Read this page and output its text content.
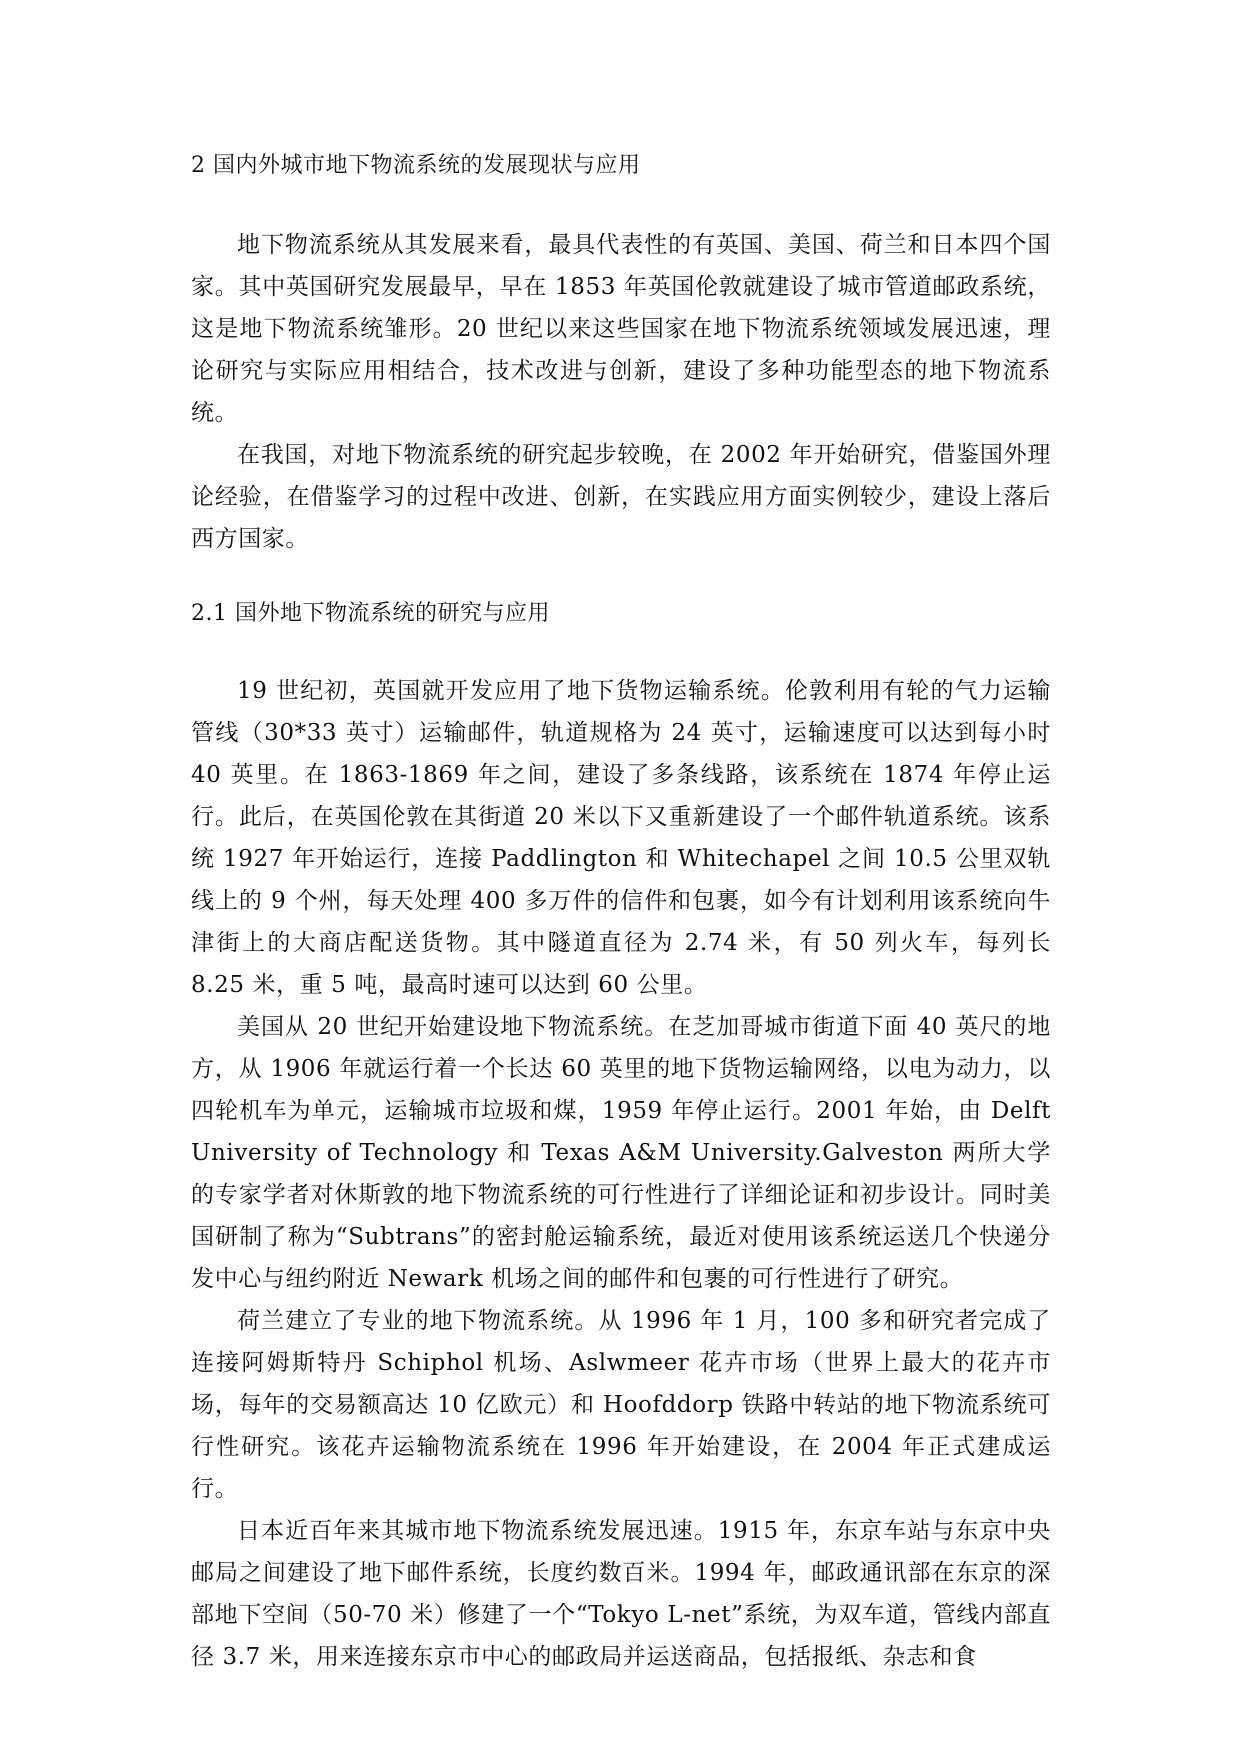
2 国内外城市地下物流系统的发展现状与应用

地下物流系统从其发展来看，最具代表性的有英国、美国、荷兰和日本四个国家。其中英国研究发展最早，早在 1853 年英国伦敦就建设了城市管道邮政系统，这是地下物流系统雏形。20 世纪以来这些国家在地下物流系统领域发展迅速，理论研究与实际应用相结合，技术改进与创新，建设了多种功能型态的地下物流系统。

在我国，对地下物流系统的研究起步较晚，在 2002 年开始研究，借鉴国外理论经验，在借鉴学习的过程中改进、创新，在实践应用方面实例较少，建设上落后西方国家。

2.1 国外地下物流系统的研究与应用

19 世纪初，英国就开发应用了地下货物运输系统。伦敦利用有轮的气力运输管线（30*33 英寸）运输邮件，轨道规格为 24 英寸，运输速度可以达到每小时 40 英里。在 1863-1869 年之间，建设了多条线路，该系统在 1874 年停止运行。此后，在英国伦敦在其街道 20 米以下又重新建设了一个邮件轨道系统。该系统 1927 年开始运行，连接 Paddlington 和 Whitechapel 之间 10.5 公里双轨线上的 9 个州，每天处理 400 多万件的信件和包裹，如今有计划利用该系统向牛津街上的大商店配送货物。其中隧道直径为 2.74 米，有 50 列火车，每列长 8.25 米，重 5 吨，最高时速可以达到 60 公里。

美国从 20 世纪开始建设地下物流系统。在芝加哥城市街道下面 40 英尺的地方，从 1906 年就运行着一个长达 60 英里的地下货物运输网络，以电为动力，以四轮机车为单元，运输城市垃圾和煤，1959 年停止运行。2001 年始，由 Delft University of Technology 和 Texas A&M University.Galveston 两所大学的专家学者对休斯敦的地下物流系统的可行性进行了详细论证和初步设计。同时美国研制了称为“Subtrans”的密封舱运输系统，最近对使用该系统运送几个快递分发中心与纽约附近 Newark 机场之间的邮件和包裹的可行性进行了研究。

荷兰建立了专业的地下物流系统。从 1996 年 1 月，100 多和研究者完成了连接阿姆斯特丹 Schiphol 机场、Aslwmeer 花卉市场（世界上最大的花卉市场，每年的交易额高达 10 亿欧元）和 Hoofddorp 铁路中转站的地下物流系统可行性研究。该花卉运输物流系统在 1996 年开始建设，在 2004 年正式建成运行。

日本近百年来其城市地下物流系统发展迅速。1915 年，东京车站与东京中央邮局之间建设了地下邮件系统，长度约数百米。1994 年，邮政通讯部在东京的深部地下空间（50-70 米）修建了一个“Tokyo L-net”系统，为双车道，管线内部直径 3.7 米，用来连接东京市中心的邮政局并运送商品，包括报纸、杂志和食
